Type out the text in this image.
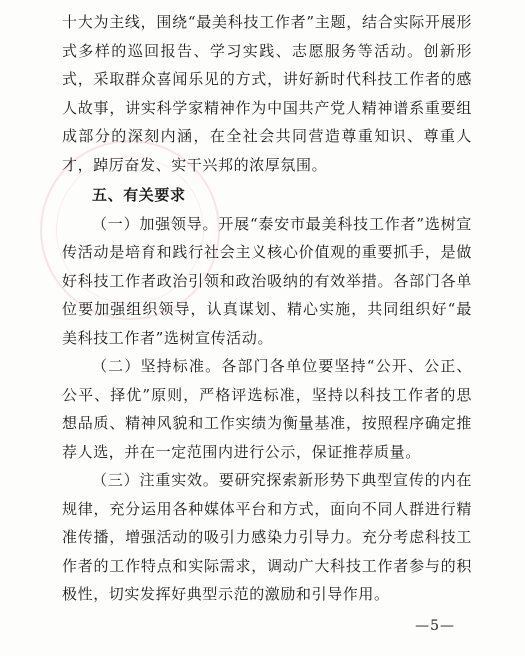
十大为主线，围绕“最美科技工作者”主题，结合实际开展形式多样的巡回报告、学习实践、志愿服务等活动。创新形式，采取群众喜闻乐见的方式，讲好新时代科技工作者的感人故事，讲实科学家精神作为中国共产党人精神谱系重要组成部分的深刻内涵，在全社会共同营造尊重知识、尊重人才，踔厉奋发、实干兴邦的浓厚氛围。

五、有关要求

（一）加强领导。开展“泰安市最美科技工作者”选树宣传活动是培育和践行社会主义核心价值观的重要抓手，是做好科技工作者政治引领和政治吸纳的有效举措。各部门各单位要加强组织领导，认真谋划、精心实施，共同组织好“最美科技工作者”选树宣传活动。

（二）坚持标准。各部门各单位要坚持“公开、公正、公平、择优”原则，严格评选标准，坚持以科技工作者的思想品质、精神风貌和工作实绩为衡量基准，按照程序确定推荐人选，并在一定范围内进行公示，保证推荐质量。

（三）注重实效。要研究探索新形势下典型宣传的内在规律，充分运用各种媒体平台和方式，面向不同人群进行精准传播，增强活动的吸引力感染力引导力。充分考虑科技工作者的工作特点和实际需求，调动广大科技工作者参与的积极性，切实发挥好典型示范的激励和引导作用。

—5—
